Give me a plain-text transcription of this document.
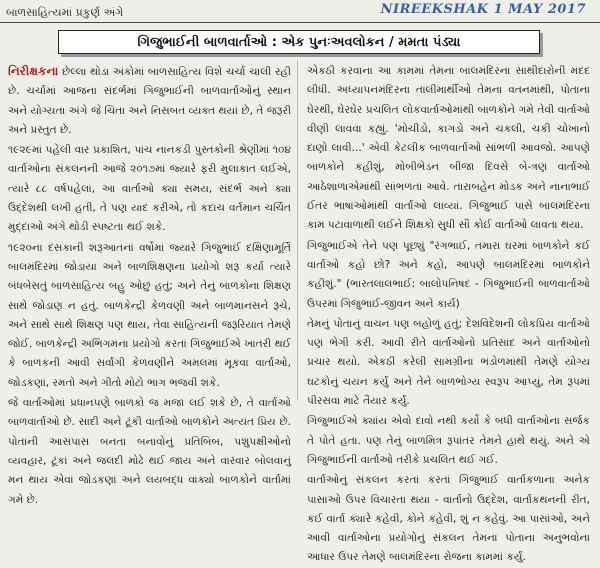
બાળસાહિત્યમાં પ્રકુર્ણ અંગે	NIREEKSHAK 1 MAY 2017
ગિજુભાઈની બાળવાર્તાઓ : એક પુનઃઅવલોકન / મમતા પંડ્યા

નિરીક્ષકના છેલ્લા થોડા અંકોમાં બાળસાહિત્ય વિશે ચર્ચા ચાલી રહી છે. ચર્ચામાં આજના સંદર્ભમાં ગિજુભાઈની બાળવાર્તાઓનું સ્થાન અને યોગ્યતા અંગે જે ચિંતા અને નિસબત વ્યક્ત થયાં છે, તે જરૂરી અને પ્રસ્તુત છે.

૧૯૨૯માં પહેલી વાર પ્રકાશિત, પાંચ નાનકડી પુસ્તકોની શ્રેણીમાં ૧૦૪ વાર્તાઓના સંકલનની આજે ૨૦૧૭માં જ્યારે ફરી મુલાકાત લઈએ, ત્યારે ૮૮ વર્ષપહેલાં, આ વાર્તાઓ ક્યા સમય, સંદર્ભ અને ક્યા ઉદ્દેશથી લખી હતી, તે પણ યાદ કરીએ, તો કદાચ વર્તમાન ચર્ચિત મુદ્દાઓ અંગે થોડી સ્પષ્ટતા થઈ શકે.

૧૯૨૦ના દસકાની શરૂઆતનાં વર્ષોમાં જ્યારે ગિજુભાઈ દક્ષિણામૂર્તિ બાલમંદિરમાં જોડાયા અને બાળશિક્ષણના પ્રયોગો શરૂ કર્યા ત્યારે બંધબેસતું બાળસાહિત્ય બહુ ઓછું હતું; અને તેનું બાળકોના શિક્ષણ સાથે જોડાણ ન હતું. બાળકેન્દ્રી કેળવણી અને બાળમાનસને રૂચે, અને સાથે સાથે શિક્ષણ પણ થાય, તેવા સાહિત્યની જરૂરિયાત તેમણે જોઈ. બાળકેન્દ્રી અભિગમના પ્રયોગો કરતાં ગિજુભાઈએ ખાતરી થઈ કે બાળકની આવી સર્વાંગી કેળવણીને અમલમાં મૂકવા વાર્તાઓ, જોડકણાં, રમતો અને ગીતો મોટો ભાગ ભજવી શકે.

જે વાર્તાઓમાં પ્રધાનપણે બાળકો જ મજા લઈ શકે છે, તે વાર્તાઓ બાળવાર્તાઓ છે. સાદી અને ટૂંકી વાર્તાઓ બાળકોને અત્યંત પ્રિય છે. પોતાની આસપાસ બનતા બનાવોનું પ્રતિબિંબ, પશુપક્ષીઓનો વ્યવહાર, ટૂંકાં અને જલદી મોઢે થઈ જાય અને વારંવાર બોલવાનું મન થાય એવાં જોડકણાં અને લયબદ્ધ વાક્યો બાળકોને વાર્તામાં ગમે છે.

એકઠી કરવાના આ કામમાં તેમના બાલમંદિરના સાથીદારોની મદદ લીધી. અધ્યાપનમંદિરના તાલીમાર્થીઓ તેમના વતનમાંથી, પોતાના ઘેરથી, ઘેરઘેર પ્રચલિત લોકવાર્તાઓમાંથી બાળકોને ગમે તેવી વાર્તાઓ વીણી લાવવા કહ્યું. 'મોચીડો, કાગડો અને ચકલી, ચકી ચોખાનો દાણો લાવી...' એવી કેટલીક બાળવાર્તાઓ સાંભળી આવજો. આપણે બાળકોને કહીશું, મોબીભેડન બીજા દિવસે બે-ત્રણ વાર્તાઓ આઠેશાળાએમાંથી સાંભળતાં આવે. તારાબહેન મોડક અને નાનાભાઈ ઈતર ભાષાઓમાંથી વાર્તાઓ લાવ્યાં. ગિજુભાઈ પાસે બાલમંદિરના કામ પટાવાળાથી લઈને શિક્ષકો સુધી સૌ કોઈ વાર્તાઓ લાવતા થયા.

ગિજુભાઈએ તેને પણ પૂછ્યું "રંગભાઈ, તમારા ઘરમાં બાળકોને કઈ વાર્તાઓ કહો છો? અને કહો, આપણે બાલમંદિરમાં બાળકોને કહીશું." (ભારતલાલભાઈ: બાલોપનિષદ - ગિજુભાઈની બાળવાર્તાઓ ઉપરમાં ગિજુભાઈ-જીવન અને કાર્ય)

તેમનું પોતાનું વાચન પણ બહોળું હતું; દેશવિદેશની લોકપ્રિય વાર્તાઓ પણ ભેગી કરી. આવી રીતે વાર્તાઓનો પ્રતિસાદ અને વાર્તાઓનો પ્રચાર થયો. એકઠી કરેલી સામગ્રીના ભંડોળમાંથી તેમણે યોગ્ય ઘટકોનું ચયન કર્યું અને તેને બાળભોગ્ય સ્વરૂપ આપ્યું, તેમ રૂપમાં પીરસવા માટે તૈયાર કર્યું.

ગિજુભાઈએ ક્યાંય એવો દાવો નથી કર્યો કે બધી વાર્તાઓના સર્જક તે પોતે હતા. પણ તેનું બાળમિત્ર રૂપાંતર તેમને હાથે થયું. અને એ ગિજુભાઈની વાર્તાઓ તરીકે પ્રચલિત થઈ ગઈ.

વાર્તાઓનું સંકલન કરતાં કરતાં ગિજુભાઈ વાર્તાકળાના અનેક પાસાઓ ઉપર વિચારતા થયા - વાર્તાનો ઉદ્દેશ, વાર્તાકથનની રીત, કઈ વાર્તા ક્યારે કહેવી, કોને કહેવી, શું ન કહેવું. આ પાસાંઓ, અને આવી વાર્તાઓના પ્રયોગોનું સંકલન તેમના પોતાના અનુભવોના આધાર ઉપર તેમણે બાલમંદિરના રોજના કામમાં કર્યું.
